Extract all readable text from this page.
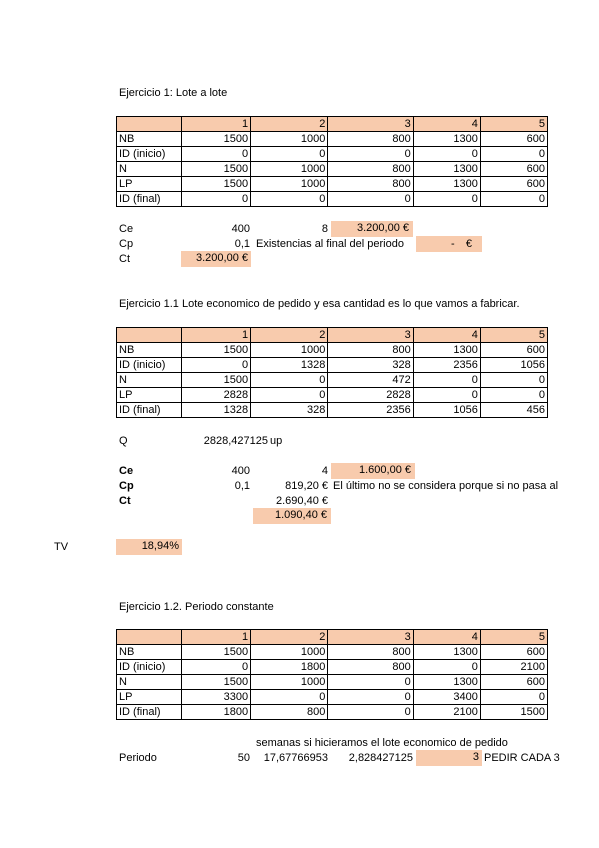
Ejercicio 1: Lote a lote
	1	2	3	4	5
NB	1500	1000	800	1300	600
ID (inicio)	0	0	0	0	0
N	1500	1000	800	1300	600
LP	1500	1000	800	1300	600
ID (final)	0	0	0	0	0
Ce	400	8	3.200,00 €
Cp	0,1 Existencias al final del periodo	- €
Ct	3.200,00 €
Ejercicio 1.1 Lote economico de pedido y esa cantidad es lo que vamos a fabricar.
	1	2	3	4	5
NB	1500	1000	800	1300	600
ID (inicio)	0	1328	328	2356	1056
N	1500	0	472	0	0
LP	2828	0	2828	0	0
ID (final)	1328	328	2356	1056	456
Q	2828,427125 up
Ce	400	4	1.600,00 €
Cp	0,1	819,20 € El último no se considera porque si no pasa al
Ct	2.690,40 €
1.090,40 €
TV	18,94%
Ejercicio 1.2. Periodo constante
	1	2	3	4	5
NB	1500	1000	800	1300	600
ID (inicio)	0	1800	800	0	2100
N	1500	1000	0	1300	600
LP	3300	0	0	3400	0
ID (final)	1800	800	0	2100	1500
semanas si hicieramos el lote economico de pedido
Periodo	50	17,67766953	2,828427125	3 PEDIR CADA 3
